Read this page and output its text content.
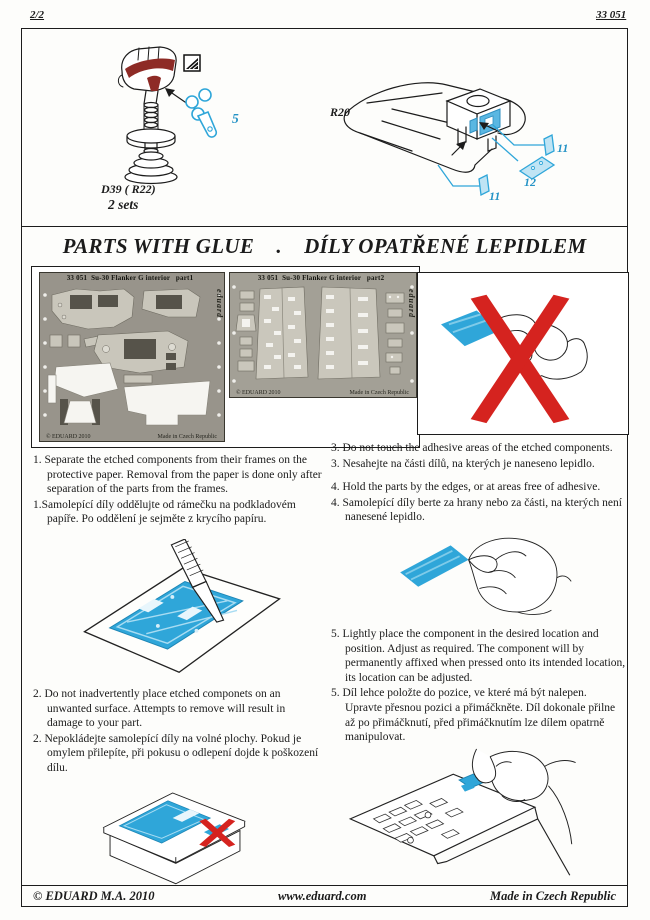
2/2	33 051
5
D39 ( R22)
2 sets
R20
11
12
11
PARTS WITH GLUE    .    DÍLY OPATŘENÉ LEPIDLEM
33 051  Su-30 Flanker G interior   part1
eduard
© EDUARD 2010	Made in Czech Republic
33 051  Su-30 Flanker G interior   part2
eduard
© EDUARD 2010	Made in Czech Republic

1. Separate the etched components from their frames on the protective paper. Removal from the paper is done only after separation of the parts from the frames.

1.Samolepící díly oddělujte od rámečku na podkladovém papíře. Po oddělení je sejměte z krycího papíru.

2. Do not inadvertently place etched componets on an unwanted surface. Attempts to remove will result in damage to your part.

2. Nepokládejte samolepící díly na volné plochy. Pokud je omylem přilepíte, při pokusu o odlepení dojde k poškození dílu.

3. Do not touch the adhesive areas of the etched components.

3. Nesahejte na části dílů, na kterých je naneseno lepidlo.

4. Hold the parts by the edges, or at areas free of adhesive.

4. Samolepící díly berte za hrany nebo za části, na kterých není nanesené lepidlo.

5. Lightly place the component in the desired location and position. Adjust as required. The component will by permanently affixed when pressed onto its intended location, its location can be adjusted.

5. Díl lehce položte do pozice, ve které má být nalepen. Upravte přesnou pozici a přimáčkněte. Díl dokonale přilne až po přimáčknutí, před přimáčknutím lze dílem opatrně manipulovat.

© EDUARD M.A. 2010	www.eduard.com	Made in Czech Republic
